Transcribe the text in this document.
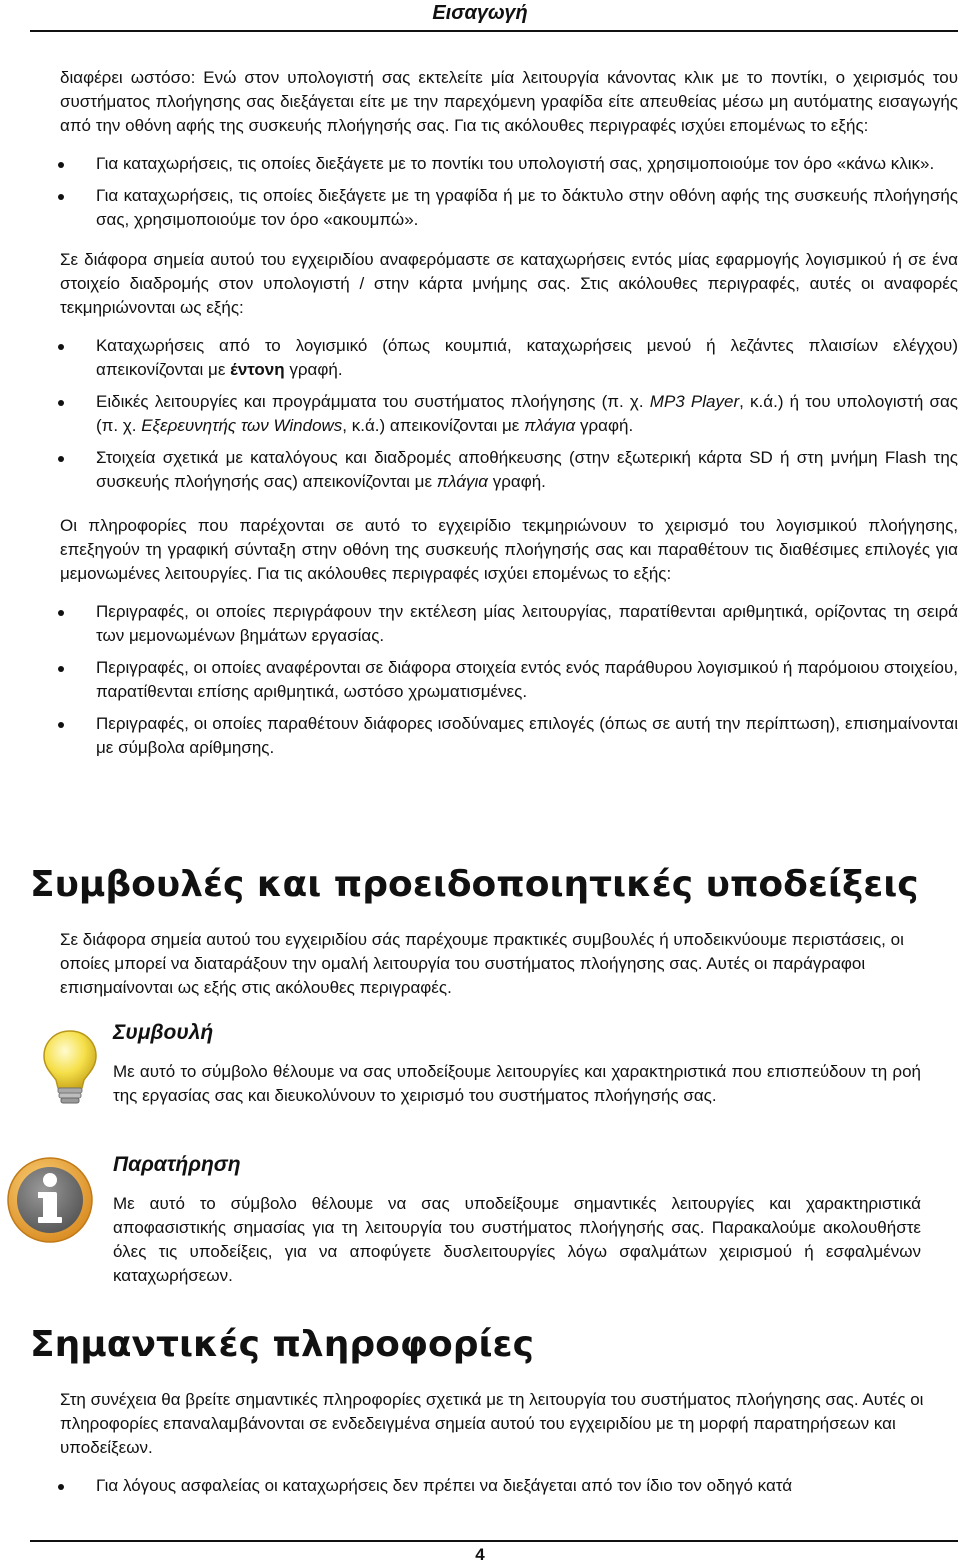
Εισαγωγή

διαφέρει ωστόσο: Ενώ στον υπολογιστή σας εκτελείτε μία λειτουργία κάνοντας κλικ με το ποντίκι, ο χειρισμός του συστήματος πλοήγησης σας διεξάγεται είτε με την παρεχόμενη γραφίδα είτε απευθείας μέσω μη αυτόματης εισαγωγής από την οθόνη αφής της συσκευής πλοήγησής σας. Για τις ακόλουθες περιγραφές ισχύει επομένως το εξής:

Για καταχωρήσεις, τις οποίες διεξάγετε με το ποντίκι του υπολογιστή σας, χρησιμοποιούμε τον όρο «κάνω κλικ».
Για καταχωρήσεις, τις οποίες διεξάγετε με τη γραφίδα ή με το δάκτυλο στην οθόνη αφής της συσκευής πλοήγησής σας, χρησιμοποιούμε τον όρο «ακουμπώ».

Σε διάφορα σημεία αυτού του εγχειριδίου αναφερόμαστε σε καταχωρήσεις εντός μίας εφαρμογής λογισμικού ή σε ένα στοιχείο διαδρομής στον υπολογιστή / στην κάρτα μνήμης σας. Στις ακόλουθες περιγραφές, αυτές οι αναφορές τεκμηριώνονται ως εξής:

Καταχωρήσεις από το λογισμικό (όπως κουμπιά, καταχωρήσεις μενού ή λεζάντες πλαισίων ελέγχου) απεικονίζονται με έντονη γραφή.
Ειδικές λειτουργίες και προγράμματα του συστήματος πλοήγησης (π. χ. MP3 Player, κ.ά.) ή του υπολογιστή σας (π. χ. Εξερευνητής των Windows, κ.ά.) απεικονίζονται με πλάγια γραφή.
Στοιχεία σχετικά με καταλόγους και διαδρομές αποθήκευσης (στην εξωτερική κάρτα SD ή στη μνήμη Flash της συσκευής πλοήγησής σας) απεικονίζονται με πλάγια γραφή.

Οι πληροφορίες που παρέχονται σε αυτό το εγχειρίδιο τεκμηριώνουν το χειρισμό του λογισμικού πλοήγησης, επεξηγούν τη γραφική σύνταξη στην οθόνη της συσκευής πλοήγησής σας και παραθέτουν τις διαθέσιμες επιλογές για μεμονωμένες λειτουργίες. Για τις ακόλουθες περιγραφές ισχύει επομένως το εξής:

Περιγραφές, οι οποίες περιγράφουν την εκτέλεση μίας λειτουργίας, παρατίθενται αριθμητικά, ορίζοντας τη σειρά των μεμονωμένων βημάτων εργασίας.
Περιγραφές, οι οποίες αναφέρονται σε διάφορα στοιχεία εντός ενός παράθυρου λογισμικού ή παρόμοιου στοιχείου, παρατίθενται επίσης αριθμητικά, ωστόσο χρωματισμένες.
Περιγραφές, οι οποίες παραθέτουν διάφορες ισοδύναμες επιλογές (όπως σε αυτή την περίπτωση), επισημαίνονται με σύμβολα αρίθμησης.
Συμβουλές και προειδοποιητικές υποδείξεις

Σε διάφορα σημεία αυτού του εγχειριδίου σάς παρέχουμε πρακτικές συμβουλές ή υποδεικνύουμε περιστάσεις, οι οποίες μπορεί να διαταράξουν την ομαλή λειτουργία του συστήματος πλοήγησης σας. Αυτές οι παράγραφοι επισημαίνονται ως εξής στις ακόλουθες περιγραφές.

Συμβουλή

Με αυτό το σύμβολο θέλουμε να σας υποδείξουμε λειτουργίες και χαρακτηριστικά που επισπεύδουν τη ροή της εργασίας σας και διευκολύνουν το χειρισμό του συστήματος πλοήγησής σας.

Παρατήρηση

Με αυτό το σύμβολο θέλουμε να σας υποδείξουμε σημαντικές λειτουργίες και χαρακτηριστικά αποφασιστικής σημασίας για τη λειτουργία του συστήματος πλοήγησής σας. Παρακαλούμε ακολουθήστε όλες τις υποδείξεις, για να αποφύγετε δυσλειτουργίες λόγω σφαλμάτων χειρισμού ή εσφαλμένων καταχωρήσεων.

Σημαντικές πληροφορίες

Στη συνέχεια θα βρείτε σημαντικές πληροφορίες σχετικά με τη λειτουργία του συστήματος πλοήγησης σας. Αυτές οι πληροφορίες επαναλαμβάνονται σε ενδεδειγμένα σημεία αυτού του εγχειριδίου με τη μορφή παρατηρήσεων και υποδείξεων.

Για λόγους ασφαλείας οι καταχωρήσεις δεν πρέπει να διεξάγεται από τον ίδιο τον οδηγό κατά
4
